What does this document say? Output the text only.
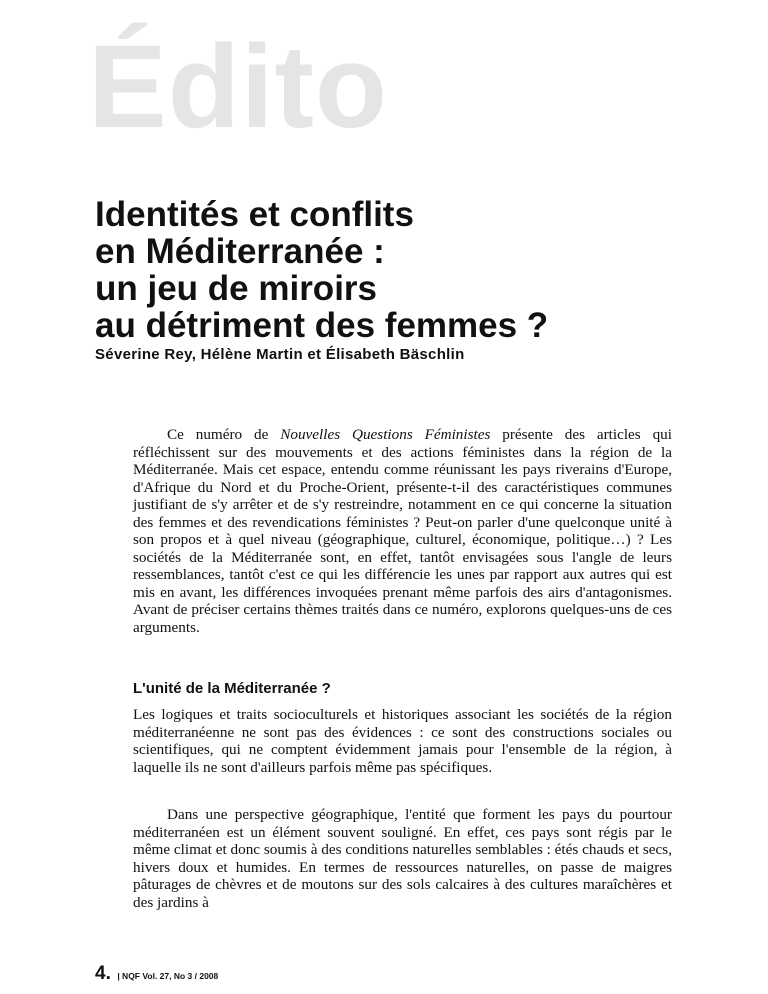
Édito
Identités et conflits
en Méditerranée :
un jeu de miroirs
au détriment des femmes ?

Séverine Rey, Hélène Martin et Élisabeth Bäschlin

Ce numéro de Nouvelles Questions Féministes présente des articles qui réfléchissent sur des mouvements et des actions féministes dans la région de la Méditerranée. Mais cet espace, entendu comme réunissant les pays riverains d'Europe, d'Afrique du Nord et du Proche-Orient, présente-t-il des caractéristiques communes justifiant de s'y arrêter et de s'y restreindre, notamment en ce qui concerne la situation des femmes et des revendications féministes ? Peut-on parler d'une quelconque unité à son propos et à quel niveau (géographique, culturel, économique, politique…) ? Les sociétés de la Méditerranée sont, en effet, tantôt envisagées sous l'angle de leurs ressemblances, tantôt c'est ce qui les différencie les unes par rapport aux autres qui est mis en avant, les différences invoquées prenant même parfois des airs d'antagonismes. Avant de préciser certains thèmes traités dans ce numéro, explorons quelques-uns de ces arguments.

L'unité de la Méditerranée ?

Les logiques et traits socioculturels et historiques associant les sociétés de la région méditerranéenne ne sont pas des évidences : ce sont des constructions sociales ou scientifiques, qui ne comptent évidemment jamais pour l'ensemble de la région, à laquelle ils ne sont d'ailleurs parfois même pas spécifiques.

Dans une perspective géographique, l'entité que forment les pays du pourtour méditerranéen est un élément souvent souligné. En effet, ces pays sont régis par le même climat et donc soumis à des conditions naturelles semblables : étés chauds et secs, hivers doux et humides. En termes de ressources naturelles, on passe de maigres pâturages de chèvres et de moutons sur des sols calcaires à des cultures maraîchères et des jardins à

4. | NQF Vol. 27, No 3 / 2008
